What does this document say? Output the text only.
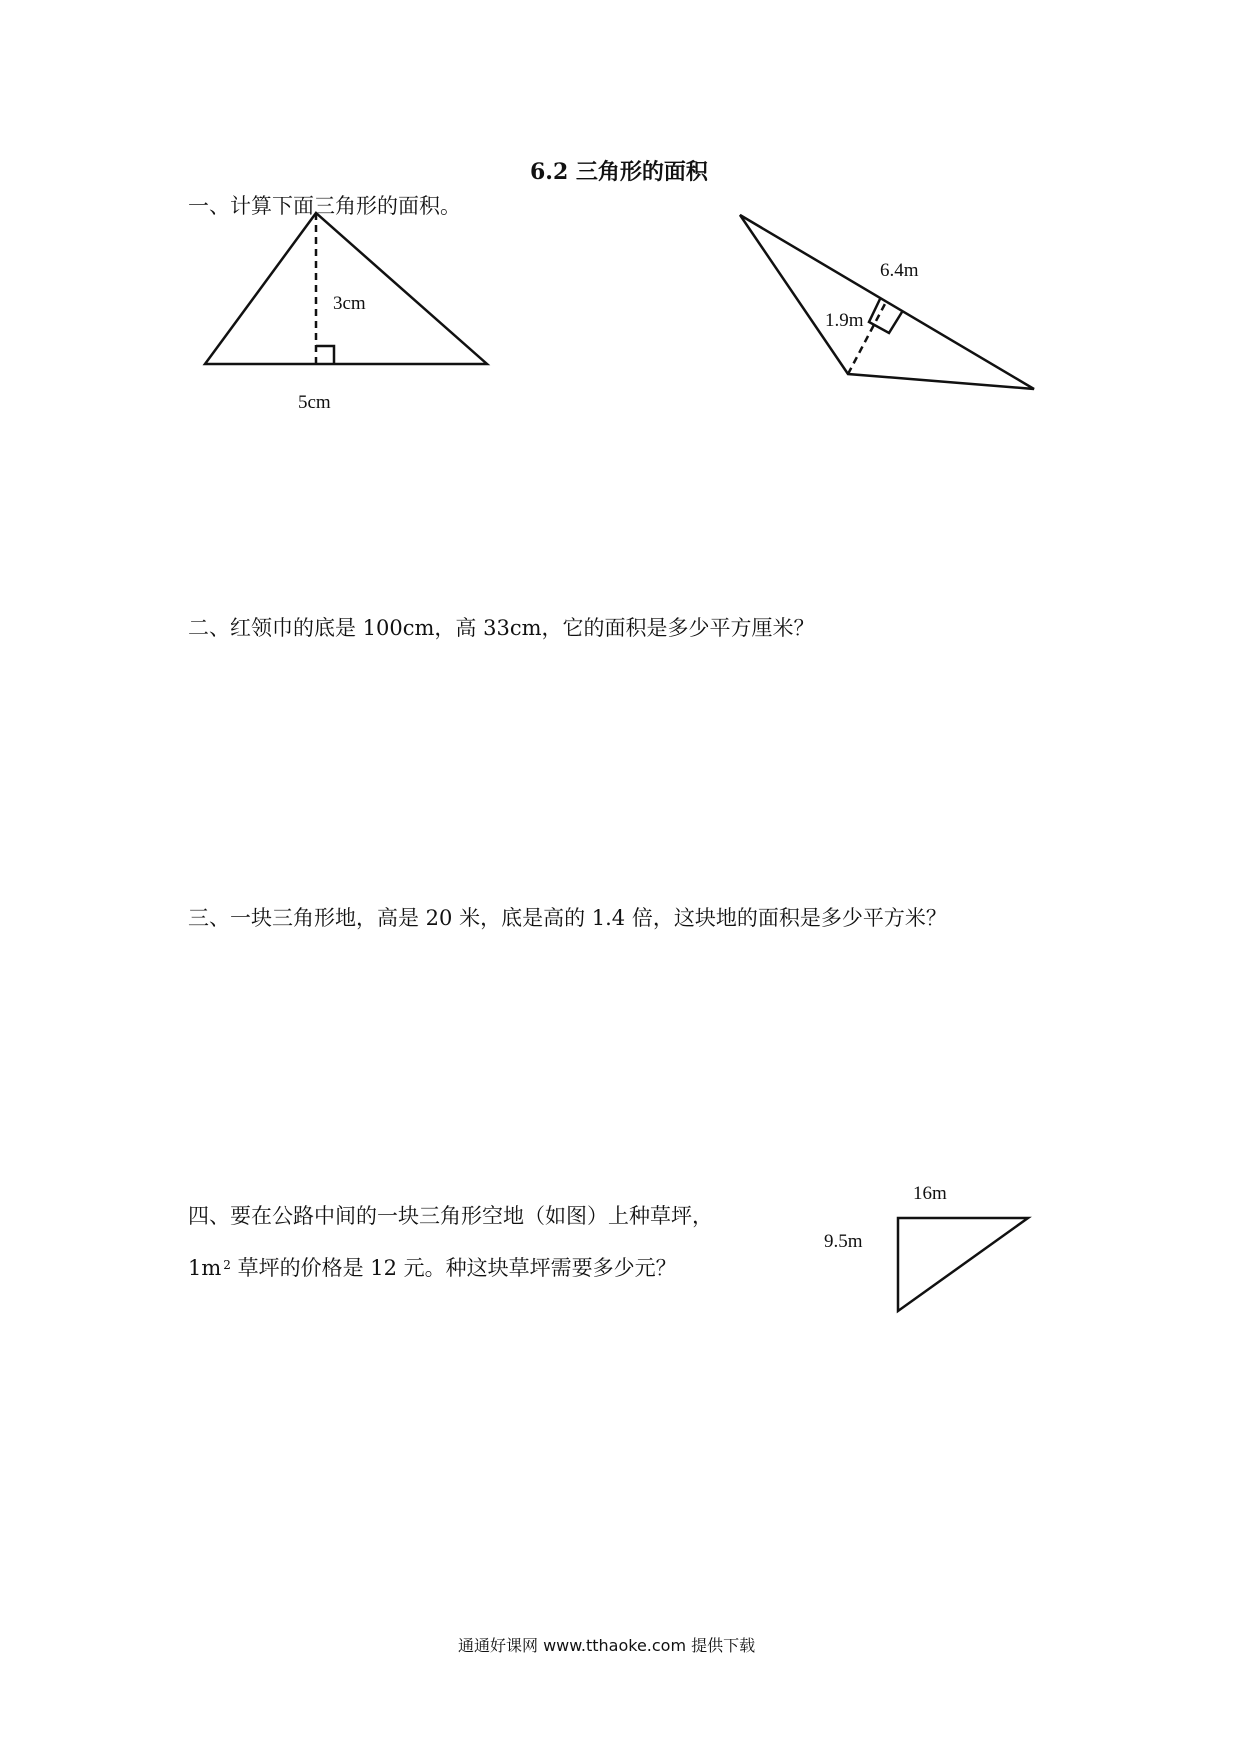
6.2 三角形的面积
一、计算下面三角形的面积。
3cm
5cm
6.4m
1.9m
二、红领巾的底是 100cm，高 33cm，它的面积是多少平方厘米？
三、一块三角形地，高是 20 米，底是高的 1.4 倍，这块地的面积是多少平方米？
四、要在公路中间的一块三角形空地（如图）上种草坪，
1m $^2$ 草坪的价格是 12 元。种这块草坪需要多少元？
16m
9.5m
通通好课网 www.tthaoke.com 提供下载
